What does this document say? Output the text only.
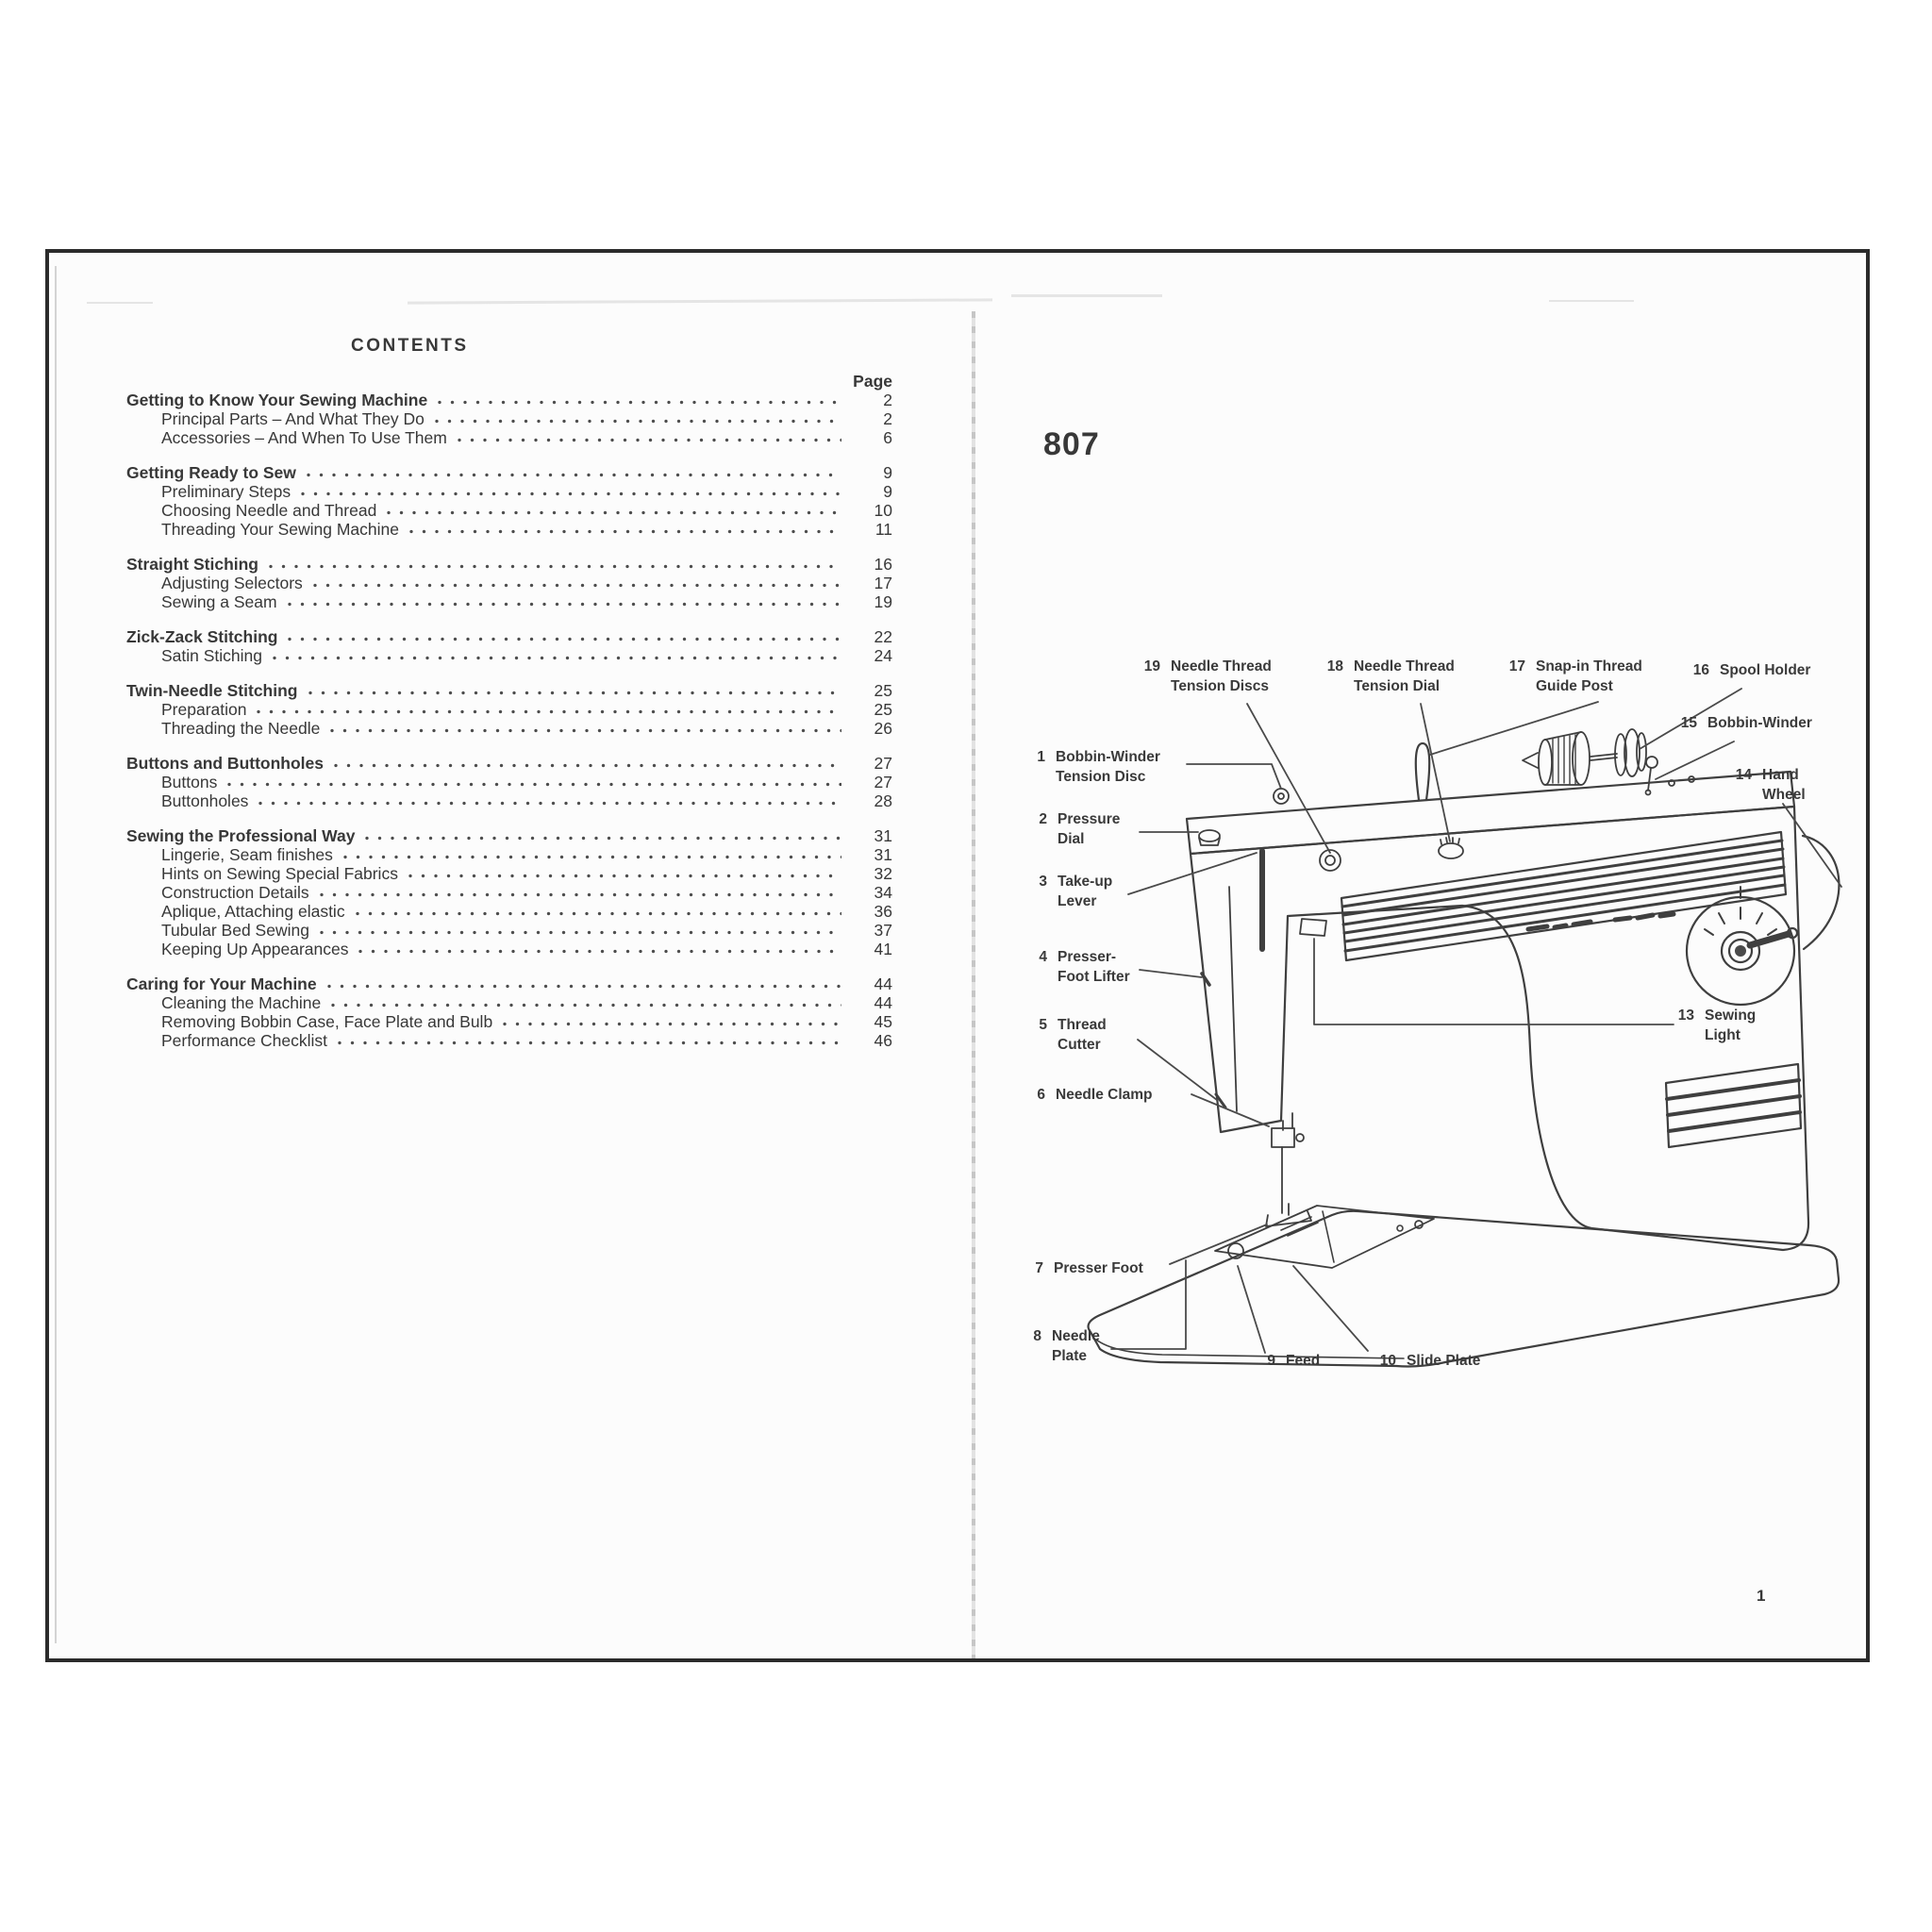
CONTENTS
Page
Getting to Know Your Sewing Machine	2
Principal Parts – And What They Do	2
Accessories – And When To Use Them	6
Getting Ready to Sew	9
Preliminary Steps	9
Choosing Needle and Thread	10
Threading Your Sewing Machine	11
Straight Stiching	16
Adjusting Selectors	17
Sewing a Seam	19
Zick-Zack Stitching	22
Satin Stiching	24
Twin-Needle Stitching	25
Preparation	25
Threading the Needle	26
Buttons and Buttonholes	27
Buttons	27
Buttonholes	28
Sewing the Professional Way	31
Lingerie, Seam finishes	31
Hints on Sewing Special Fabrics	32
Construction Details	34
Aplique, Attaching elastic	36
Tubular Bed Sewing	37
Keeping Up Appearances	41
Caring for Your Machine	44
Cleaning the Machine	44
Removing Bobbin Case, Face Plate and Bulb	45
Performance Checklist	46
807
1
19 Needle Thread
Tension Discs
18 Needle Thread
Tension Dial
17 Snap-in Thread
Guide Post
16 Spool Holder
15 Bobbin-Winder
14 Hand
Wheel
1 Bobbin-Winder
Tension Disc
2 Pressure
Dial
3 Take-up
Lever
4 Presser-
Foot Lifter
5 Thread
Cutter
6 Needle Clamp
13 Sewing
Light
7 Presser Foot
8 Needle
Plate	9 Feed	10 Slide Plate
